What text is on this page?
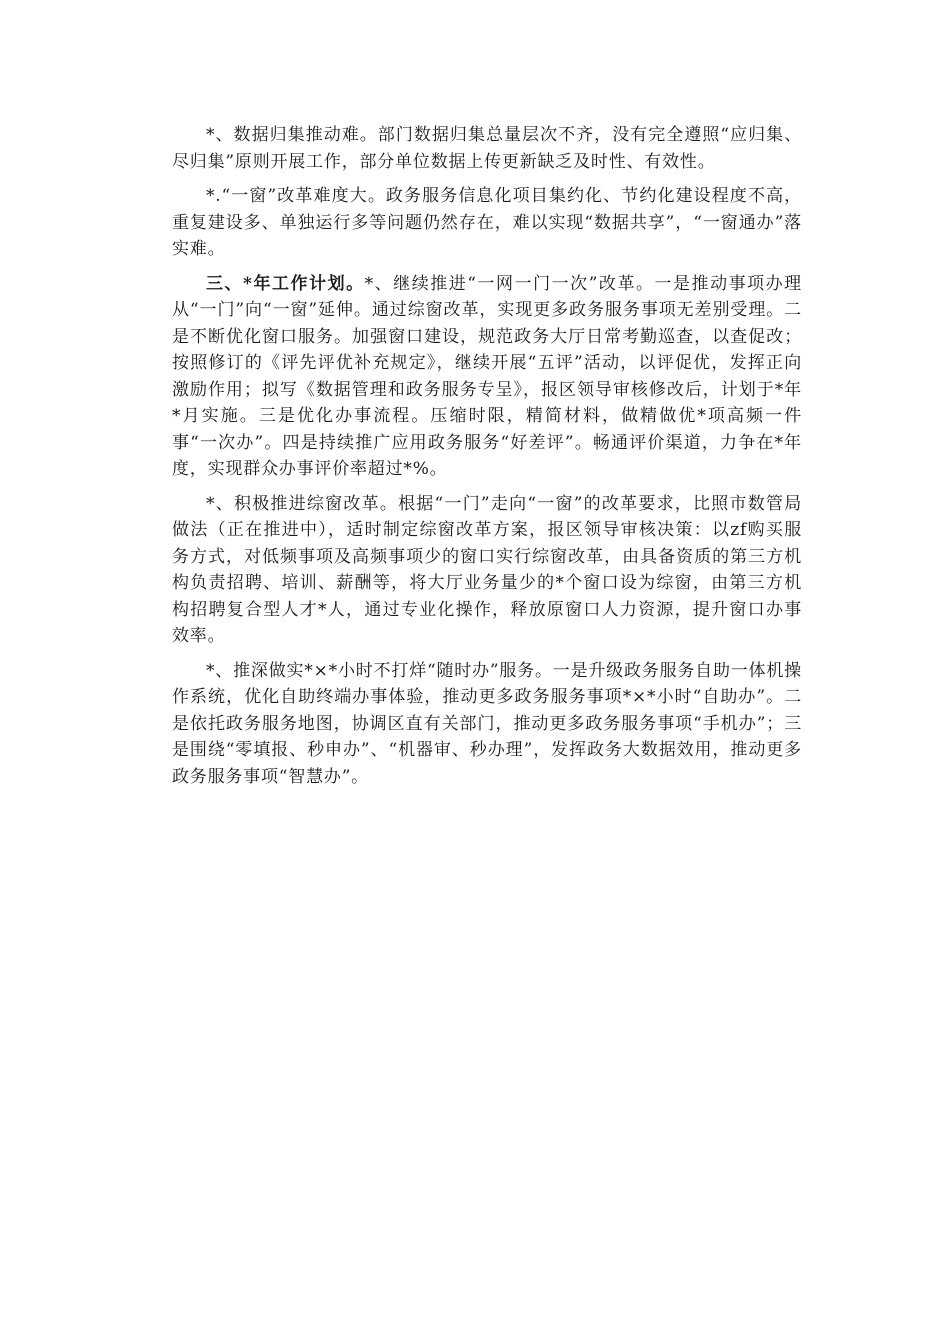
*、数据归集推动难。部门数据归集总量层次不齐，没有完全遵照“应归集、尽归集”原则开展工作，部分单位数据上传更新缺乏及时性、有效性。

*.“一窗”改革难度大。政务服务信息化项目集约化、节约化建设程度不高，重复建设多、单独运行多等问题仍然存在，难以实现“数据共享”，“一窗通办”落实难。

三、*年工作计划。*、继续推进“一网一门一次”改革。一是推动事项办理从“一门”向“一窗”延伸。通过综窗改革，实现更多政务服务事项无差别受理。二是不断优化窗口服务。加强窗口建设，规范政务大厅日常考勤巡查，以查促改；按照修订的《评先评优补充规定》，继续开展“五评”活动，以评促优，发挥正向激励作用；拟写《数据管理和政务服务专呈》，报区领导审核修改后，计划于*年*月实施。三是优化办事流程。压缩时限，精简材料，做精做优*项高频一件事“一次办”。四是持续推广应用政务服务“好差评”。畅通评价渠道，力争在*年度，实现群众办事评价率超过*%。

*、积极推进综窗改革。根据“一门”走向“一窗”的改革要求，比照市数管局做法（正在推进中），适时制定综窗改革方案，报区领导审核决策：以zf购买服务方式，对低频事项及高频事项少的窗口实行综窗改革，由具备资质的第三方机构负责招聘、培训、薪酬等，将大厅业务量少的*个窗口设为综窗，由第三方机构招聘复合型人才*人，通过专业化操作，释放原窗口人力资源，提升窗口办事效率。

*、推深做实*×*小时不打烊“随时办”服务。一是升级政务服务自助一体机操作系统，优化自助终端办事体验，推动更多政务服务事项*×*小时“自助办”。二是依托政务服务地图，协调区直有关部门，推动更多政务服务事项“手机办”；三是围绕“零填报、秒申办”、“机器审、秒办理”，发挥政务大数据效用，推动更多政务服务事项“智慧办”。
